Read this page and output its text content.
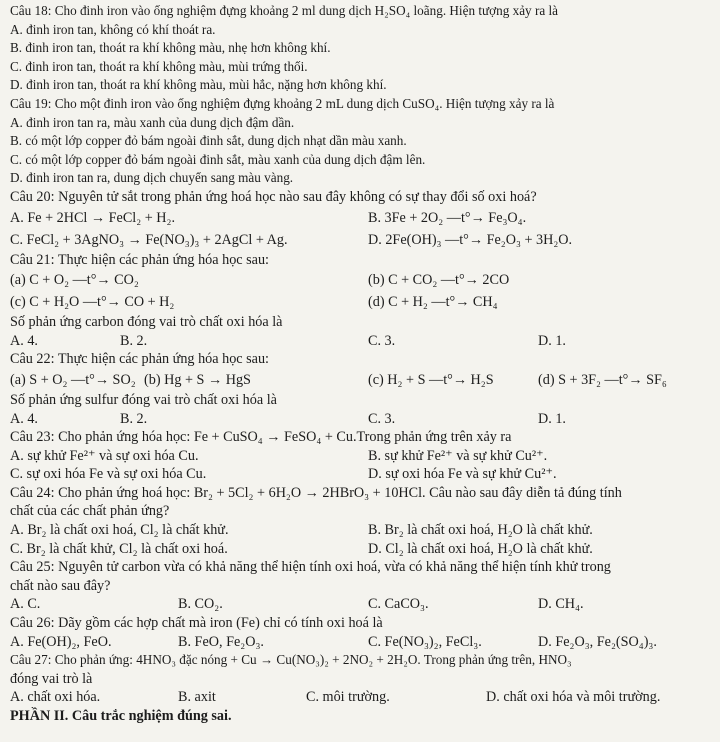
Câu 18: Cho đinh iron vào ống nghiệm đựng khoảng 2 ml dung dịch H₂SO₄ loãng. Hiện tượng xảy ra là
A. đinh iron tan, không có khí thoát ra.
B. đinh iron tan, thoát ra khí không màu, nhẹ hơn không khí.
C. đinh iron tan, thoát ra khí không màu, mùi trứng thối.
D. đinh iron tan, thoát ra khí không màu, mùi hắc, nặng hơn không khí.
Câu 19: Cho một đinh iron vào ống nghiệm đựng khoảng 2 mL dung dịch CuSO₄. Hiện tượng xảy ra là
A. đinh iron tan ra, màu xanh của dung dịch đậm dần.
B. có một lớp copper đỏ bám ngoài đinh sắt, dung dịch nhạt dần màu xanh.
C. có một lớp copper đỏ bám ngoài đinh sắt, màu xanh của dung dịch đậm lên.
D. đinh iron tan ra, dung dịch chuyển sang màu vàng.
Câu 20: Nguyên tử sắt trong phản ứng hoá học nào sau đây không có sự thay đổi số oxi hoá?
A. Fe + 2HCl → FeCl₂ + H₂.	B. 3Fe + 2O₂ —t°→ Fe₃O₄.
C. FeCl₂ + 3AgNO₃ → Fe(NO₃)₃ + 2AgCl + Ag.	D. 2Fe(OH)₃ —t°→ Fe₂O₃ + 3H₂O.
Câu 21: Thực hiện các phản ứng hóa học sau:
(a) C + O₂ —t°→ CO₂	(b) C + CO₂ —t°→ 2CO
(c) C + H₂O —t°→ CO + H₂	(d) C + H₂ —t°→ CH₄
Số phản ứng carbon đóng vai trò chất oxi hóa là
A. 4.	B. 2.	C. 3.	D. 1.
Câu 22: Thực hiện các phản ứng hóa học sau:
(a) S + O₂ —t°→ SO₂ (b) Hg + S → HgS	(c) H₂ + S —t°→ H₂S	(d) S + 3F₂ —t°→ SF₆
Số phản ứng sulfur đóng vai trò chất oxi hóa là
A. 4.	B. 2.	C. 3.	D. 1.
Câu 23: Cho phản ứng hóa học: Fe + CuSO₄ → FeSO₄ + Cu.Trong phản ứng trên xảy ra
A. sự khử Fe²⁺ và sự oxi hóa Cu.	B. sự khử Fe²⁺ và sự khử Cu²⁺.
C. sự oxi hóa Fe và sự oxi hóa Cu.	D. sự oxi hóa Fe và sự khử Cu²⁺.
Câu 24: Cho phản ứng hoá học: Br₂ + 5Cl₂ + 6H₂O → 2HBrO₃ + 10HCl. Câu nào sau đây diễn tả đúng tính
chất của các chất phản ứng?
A. Br₂ là chất oxi hoá, Cl₂ là chất khử.	B. Br₂ là chất oxi hoá, H₂O là chất khử.
C. Br₂ là chất khử, Cl₂ là chất oxi hoá.	D. Cl₂ là chất oxi hoá, H₂O là chất khử.
Câu 25: Nguyên tử carbon vừa có khả năng thể hiện tính oxi hoá, vừa có khả năng thể hiện tính khử trong
chất nào sau đây?
A. C.	B. CO₂.	C. CaCO₃.	D. CH₄.
Câu 26: Dãy gồm các hợp chất mà iron (Fe) chỉ có tính oxi hoá là
A. Fe(OH)₂, FeO.	B. FeO, Fe₂O₃.	C. Fe(NO₃)₂, FeCl₃.	D. Fe₂O₃, Fe₂(SO₄)₃.
Câu 27: Cho phản ứng: 4HNO₃ đặc nóng + Cu → Cu(NO₃)₂ + 2NO₂ + 2H₂O. Trong phản ứng trên, HNO₃
đóng vai trò là
A. chất oxi hóa.	B. axit	C. môi trường.	D. chất oxi hóa và môi trường.
PHẦN II. Câu trắc nghiệm đúng sai.
